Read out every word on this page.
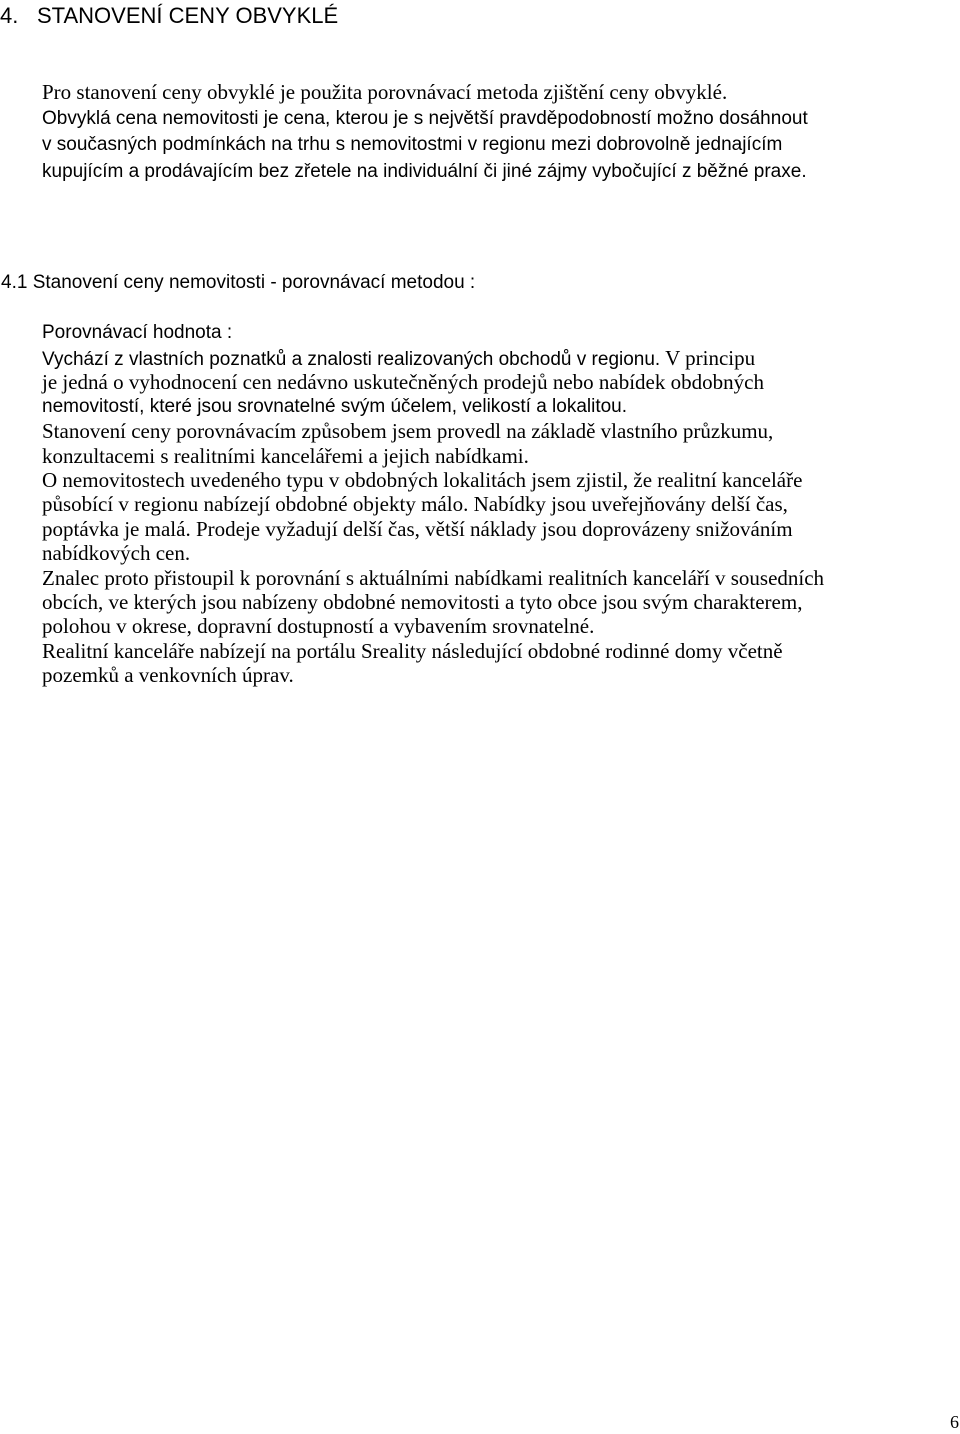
4. STANOVENÍ CENY OBVYKLÉ
Pro stanovení ceny obvyklé je použita porovnávací metoda zjištění ceny obvyklé.
Obvyklá cena nemovitosti je cena, kterou je s největší pravděpodobností možno dosáhnout
v současných podmínkách na trhu s nemovitostmi v regionu mezi dobrovolně jednajícím
kupujícím a prodávajícím bez zřetele na individuální či jiné zájmy vybočující z běžné praxe.
4.1 Stanovení ceny nemovitosti - porovnávací metodou :
Porovnávací hodnota :
Vychází z vlastních poznatků a znalosti realizovaných obchodů v regionu. V principu
je jedná o vyhodnocení cen nedávno uskutečněných prodejů nebo nabídek obdobných
nemovitostí, které jsou srovnatelné svým účelem, velikostí a lokalitou.
Stanovení ceny porovnávacím způsobem jsem provedl na základě vlastního průzkumu,
konzultacemi s realitními kancelářemi a jejich nabídkami.
O nemovitostech uvedeného typu v obdobných lokalitách jsem zjistil, že realitní kanceláře
působící v regionu nabízejí obdobné objekty málo. Nabídky jsou uveřejňovány delší čas,
poptávka je malá. Prodeje vyžadují delší čas, větší náklady jsou doprovázeny snižováním
nabídkových cen.
Znalec proto přistoupil k porovnání s aktuálními nabídkami realitních kanceláří v sousedních
obcích, ve kterých jsou nabízeny obdobné nemovitosti a tyto obce jsou svým charakterem,
polohou v okrese, dopravní dostupností a vybavením srovnatelné.
Realitní kanceláře nabízejí na portálu Sreality následující obdobné rodinné domy včetně
pozemků a venkovních úprav.
6
